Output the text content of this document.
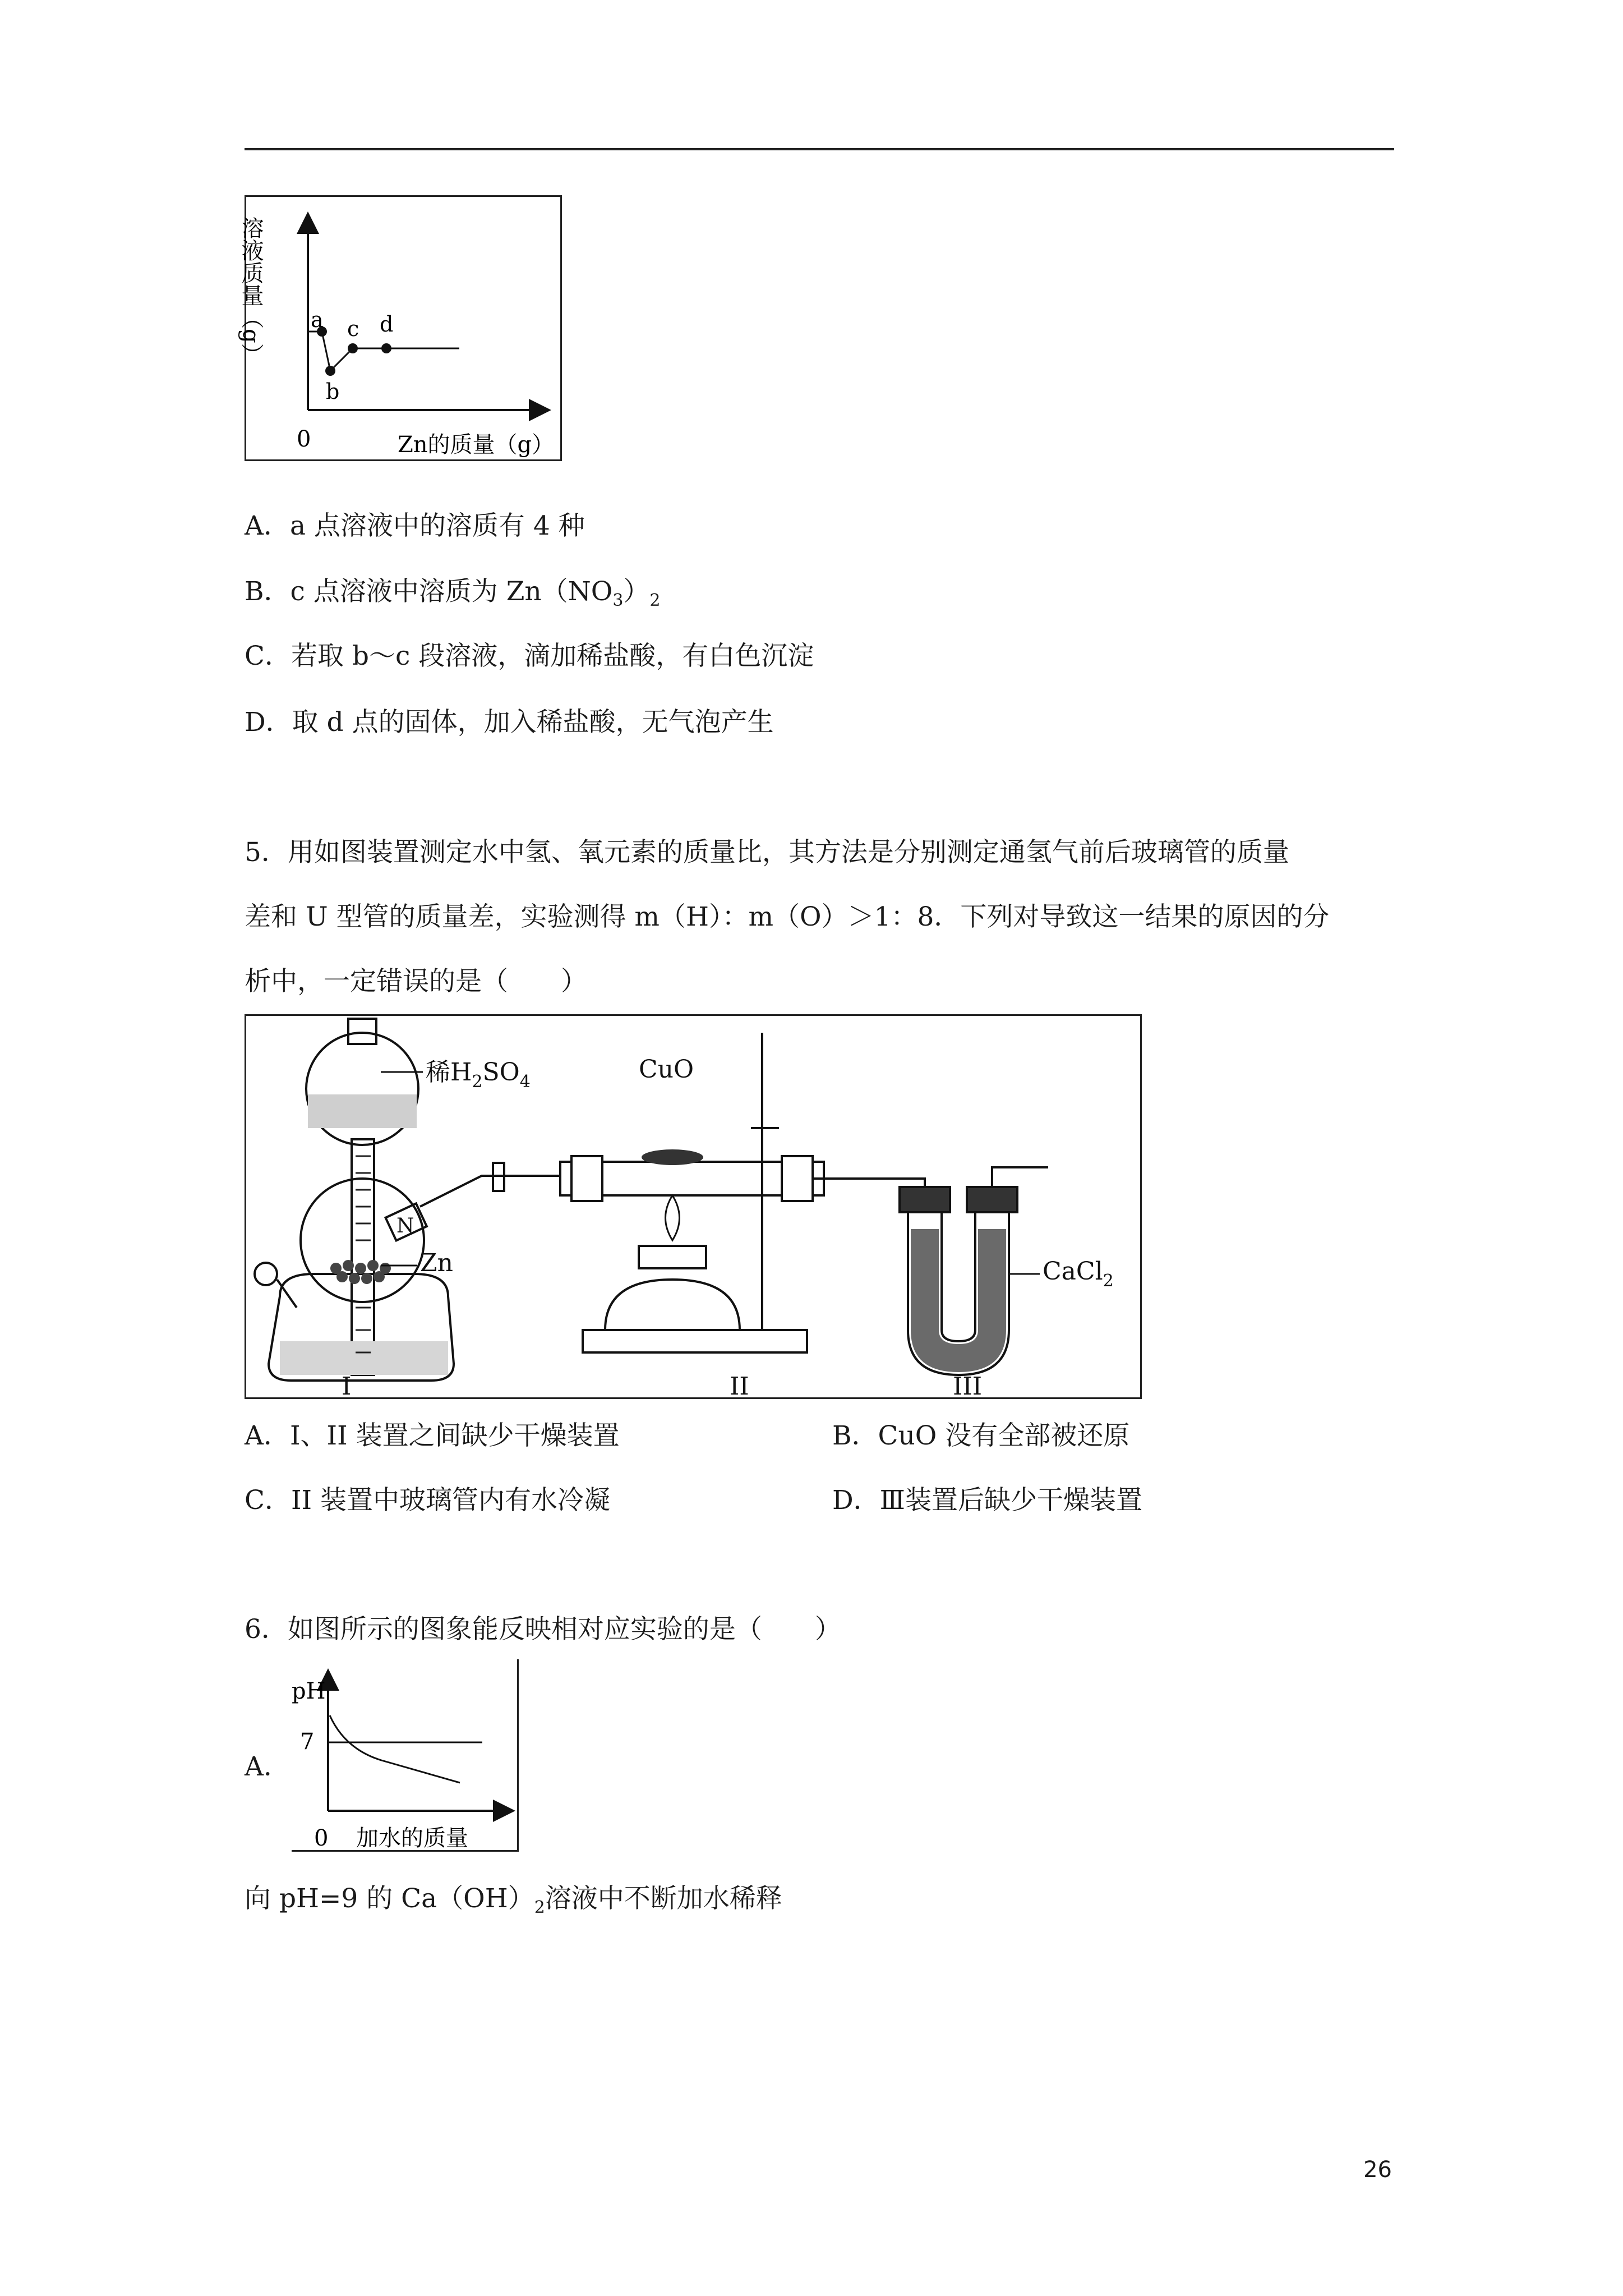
溶液质量（g）
0	Zn的质量（g）
a
b
c d
A．a 点溶液中的溶质有 4 种
B．c 点溶液中溶质为 $Zn(NO_3)_2$
C．若取 b～c 段溶液，滴加稀盐酸，有白色沉淀
D．取 d 点的固体，加入稀盐酸，无气泡产生
5．用如图装置测定水中氢、氧元素的质量比，其方法是分别测定通氢气前后玻璃管的质量
差和 U 型管的质量差，实验测得 m（H）：m（O）＞1：8．下列对导致这一结果的原因的分
析中，一定错误的是（　　）
N
稀$H_2SO_4$
Zn
CuO
CaCl$_2$
I	II	III
A．I、II 装置之间缺少干燥装置	B．CuO 没有全部被还原
C．II 装置中玻璃管内有水冷凝	D．Ⅲ装置后缺少干燥装置
6．如图所示的图象能反映相对应实验的是（　　）
A．
pH
7
0 加水的质量
向 pH=9 的 $Ca(OH)_2$溶液中不断加水稀释
26
